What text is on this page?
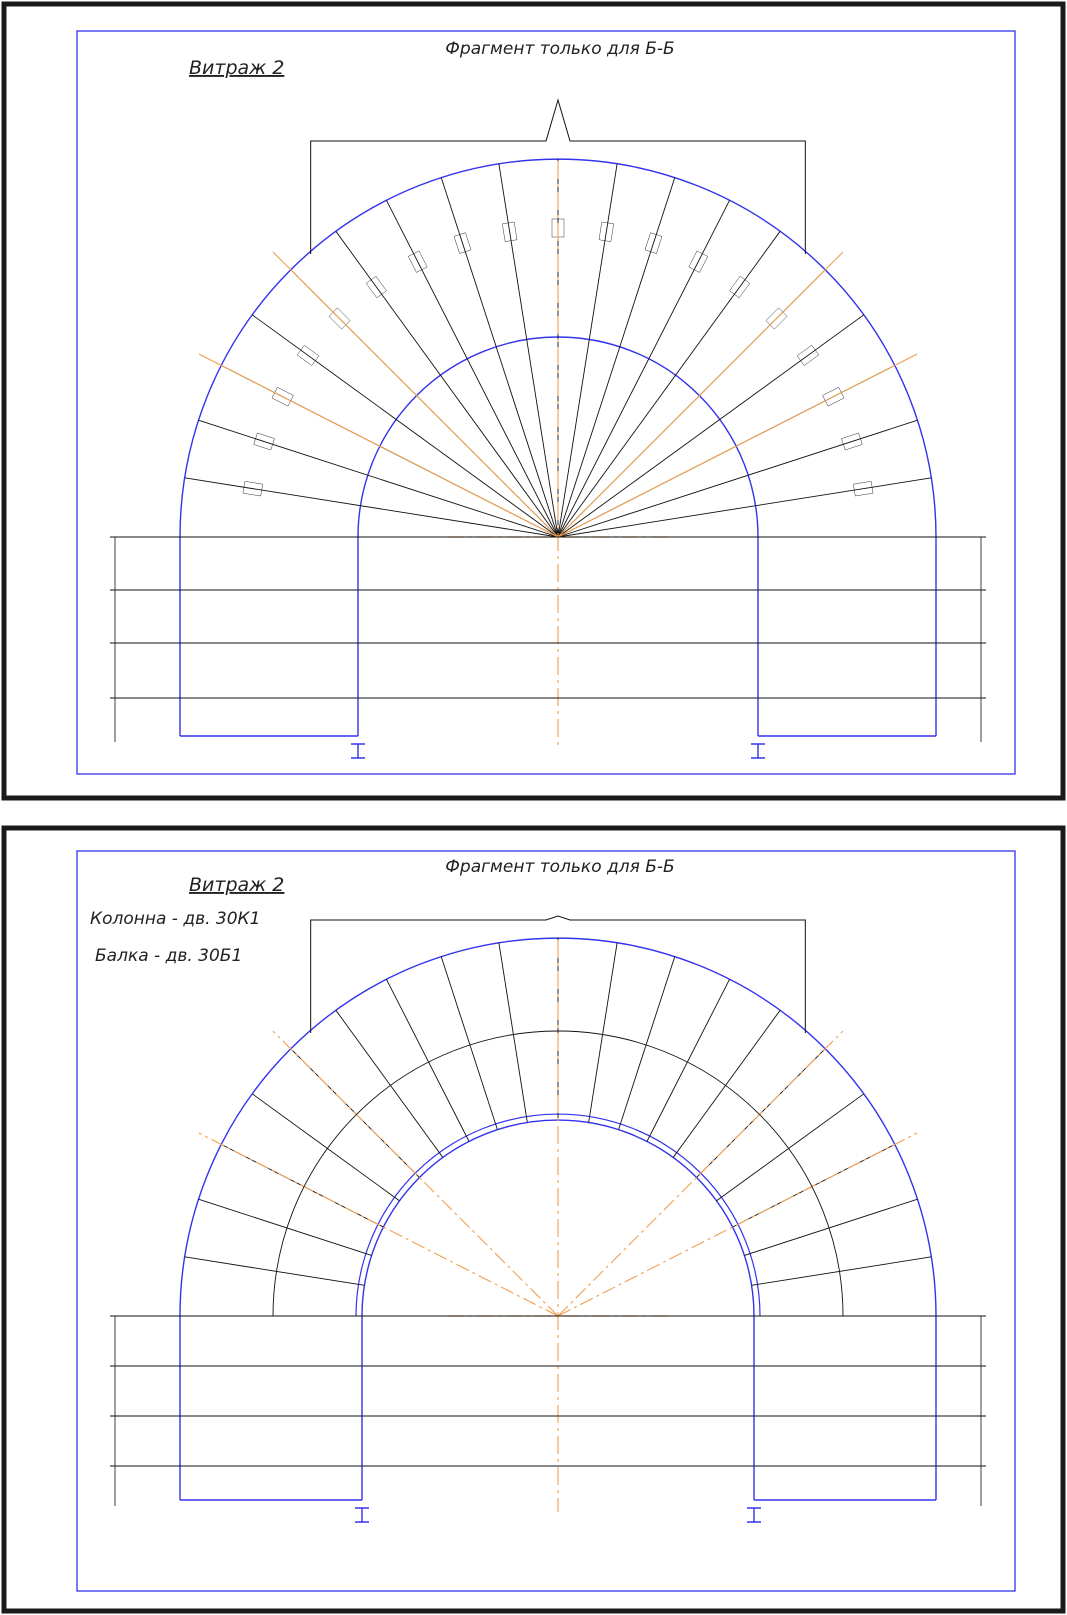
Витраж 2
Фрагмент только для Б-Б
Витраж 2
Колонна - дв. 30К1
Балка - дв. 30Б1
Фрагмент только для Б-Б
